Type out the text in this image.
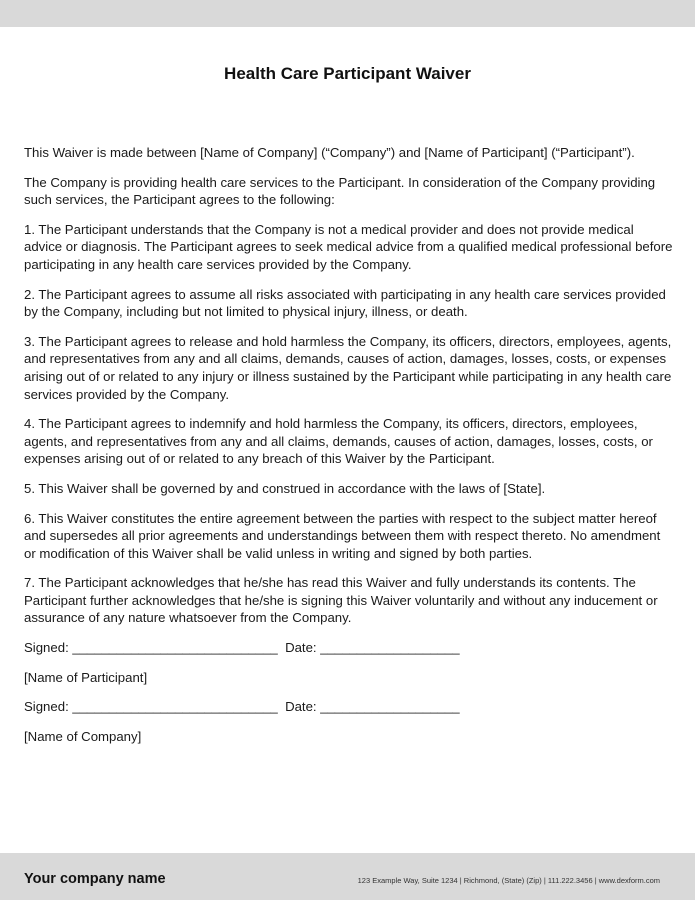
Health Care Participant Waiver

This Waiver is made between [Name of Company] (“Company”) and [Name of Participant] (“Participant”).

The Company is providing health care services to the Participant. In consideration of the Company providing such services, the Participant agrees to the following:

1. The Participant understands that the Company is not a medical provider and does not provide medical advice or diagnosis. The Participant agrees to seek medical advice from a qualified medical professional before participating in any health care services provided by the Company.

2. The Participant agrees to assume all risks associated with participating in any health care services provided by the Company, including but not limited to physical injury, illness, or death.

3. The Participant agrees to release and hold harmless the Company, its officers, directors, employees, agents, and representatives from any and all claims, demands, causes of action, damages, losses, costs, or expenses arising out of or related to any injury or illness sustained by the Participant while participating in any health care services provided by the Company.

4. The Participant agrees to indemnify and hold harmless the Company, its officers, directors, employees, agents, and representatives from any and all claims, demands, causes of action, damages, losses, costs, or expenses arising out of or related to any breach of this Waiver by the Participant.

5. This Waiver shall be governed by and construed in accordance with the laws of [State].

6. This Waiver constitutes the entire agreement between the parties with respect to the subject matter hereof and supersedes all prior agreements and understandings between them with respect thereto. No amendment or modification of this Waiver shall be valid unless in writing and signed by both parties.

7. The Participant acknowledges that he/she has read this Waiver and fully understands its contents. The Participant further acknowledges that he/she is signing this Waiver voluntarily and without any inducement or assurance of any nature whatsoever from the Company.

Signed: ____________________________  Date: ___________________
[Name of Participant]
Signed: ____________________________  Date: ___________________
[Name of Company]
Your company name	123 Example Way, Suite 1234 | Richmond, (State) (Zip) | 111.222.3456 | www.dexform.com
